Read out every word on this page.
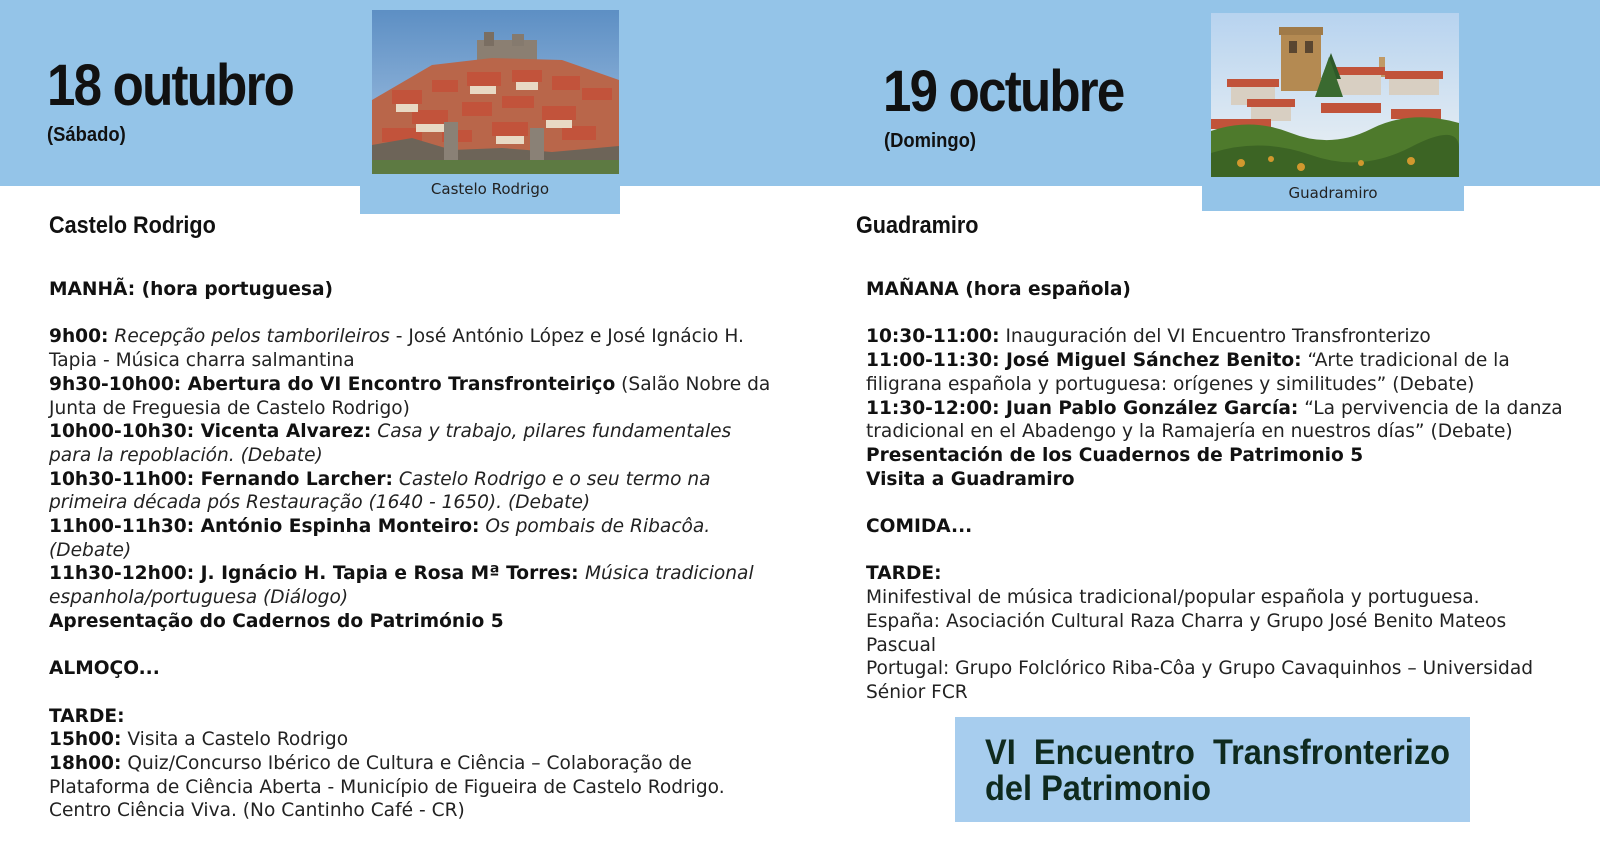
18 outubro
(Sábado)
Castelo Rodrigo
19 octubre
(Domingo)
Guadramiro
Castelo Rodrigo

MANHÃ: (hora portuguesa)

9h00: Recepção pelos tamborileiros - José António López e José Ignácio H. Tapia - Música charra salmantina

9h30-10h00: Abertura do VI Encontro Transfronteiriço (Salão Nobre da Junta de Freguesia de Castelo Rodrigo)

10h00-10h30: Vicenta Alvarez: Casa y trabajo, pilares fundamentales para la repoblación. (Debate)

10h30-11h00: Fernando Larcher: Castelo Rodrigo e o seu termo na primeira década pós Restauração (1640 - 1650). (Debate)

11h00-11h30: António Espinha Monteiro: Os pombais de Ribacôa. (Debate)

11h30-12h00: J. Ignácio H. Tapia e Rosa Mª Torres: Música tradicional espanhola/portuguesa (Diálogo)

Apresentação do Cadernos do Património 5

ALMOÇO...

TARDE:

15h00: Visita a Castelo Rodrigo

18h00: Quiz/Concurso Ibérico de Cultura e Ciência – Colaboração de Plataforma de Ciência Aberta - Município de Figueira de Castelo Rodrigo. Centro Ciência Viva. (No Cantinho Café - CR)

Guadramiro

MAÑANA (hora española)

10:30-11:00: Inauguración del VI Encuentro Transfronterizo

11:00-11:30: José Miguel Sánchez Benito: “Arte tradicional de la filigrana española y portuguesa: orígenes y similitudes” (Debate)

11:30-12:00: Juan Pablo González García: “La pervivencia de la danza tradicional en el Abadengo y la Ramajería en nuestros días” (Debate)

Presentación de los Cuadernos de Patrimonio 5

Visita a Guadramiro

COMIDA...

TARDE:

Minifestival de música tradicional/popular española y portuguesa.

España: Asociación Cultural Raza Charra y Grupo José Benito Mateos Pascual

Portugal: Grupo Folclórico Riba-Côa y Grupo Cavaquinhos – Universidad Sénior FCR

VI Encuentro Transfronterizo
del Patrimonio
